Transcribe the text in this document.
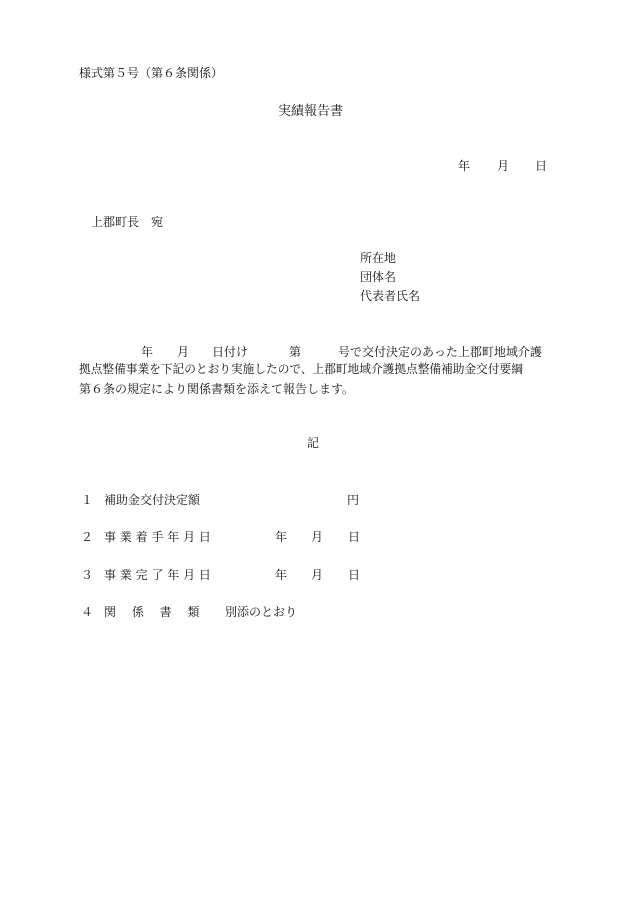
様式第５号（第６条関係）
実績報告書
年 月 日
上郡町長　宛
所在地
団体名
代表者氏名
年 月 日付け	第	号で交付決定のあった上郡町地域介護
拠点整備事業を下記のとおり実施したので、上郡町地域介護拠点整備補助金交付要綱
第６条の規定により関係書類を添えて報告します。
記
１ 補助金交付決定額	円
２ 事 業 着 手 年 月 日	年 月 日
３ 事 業 完 了 年 月 日	年 月 日
４ 関　 係 　書 　類 別添のとおり
